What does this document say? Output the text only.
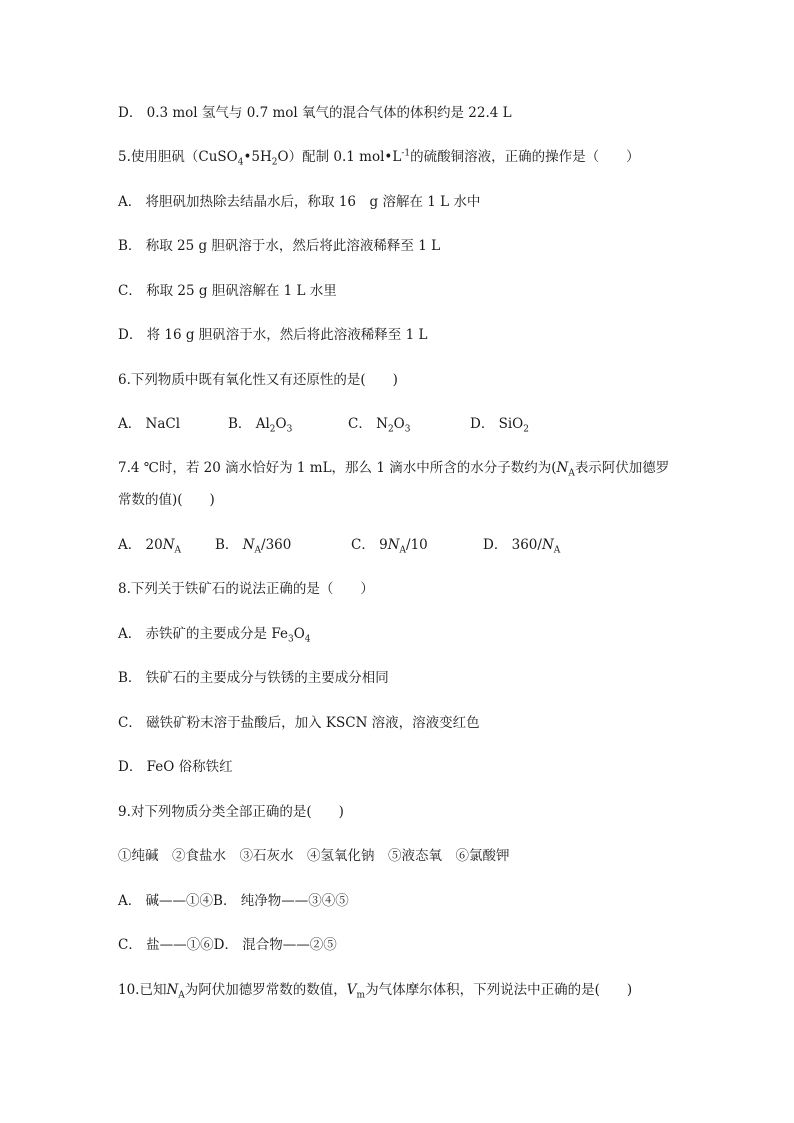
D． 0.3 mol 氢气与 0.7 mol 氧气的混合气体的体积约是 22.4 L
5.使用胆矾$(CuSO_4•5H_2O)$配制 0.1 $mol•L^{-1}$的硫酸铜溶液，正确的操作是（　　）
A． 将胆矾加热除去结晶水后，称取 16　g 溶解在 1 L 水中
B． 称取 25 g 胆矾溶于水，然后将此溶液稀释至 1 L
C． 称取 25 g 胆矾溶解在 1 L 水里
D． 将 16 g 胆矾溶于水，然后将此溶液稀释至 1 L
6.下列物质中既有氧化性又有还原性的是(　　)
A． NaCl	B． $Al_2O_3$	C． $N_2O_3$	D． SiO$_2$
7.4 ℃时，若 20 滴水恰好为 1 mL，那么 1 滴水中所含的水分子数约为($N_A$表示阿伏加德罗
常数的值)(　　)
A． $20N_A$	B． $N_A/360$	C． $9N_A/10$	D． $360/N_A$
8.下列关于铁矿石的说法正确的是（　　）
A． 赤铁矿的主要成分是 $Fe_3O_4$
B． 铁矿石的主要成分与铁锈的主要成分相同
C． 磁铁矿粉末溶于盐酸后，加入 KSCN 溶液，溶液变红色
D． FeO 俗称铁红
9.对下列物质分类全部正确的是(　　)
①纯碱　②食盐水　③石灰水　④氢氧化钠　⑤液态氧　⑥氯酸钾
A． 碱——①④B． 纯净物——③④⑤
C． 盐——①⑥D． 混合物——②⑤
10.已知$N_A$为阿伏加德罗常数的数值，$V_m$为气体摩尔体积，下列说法中正确的是(　　)
